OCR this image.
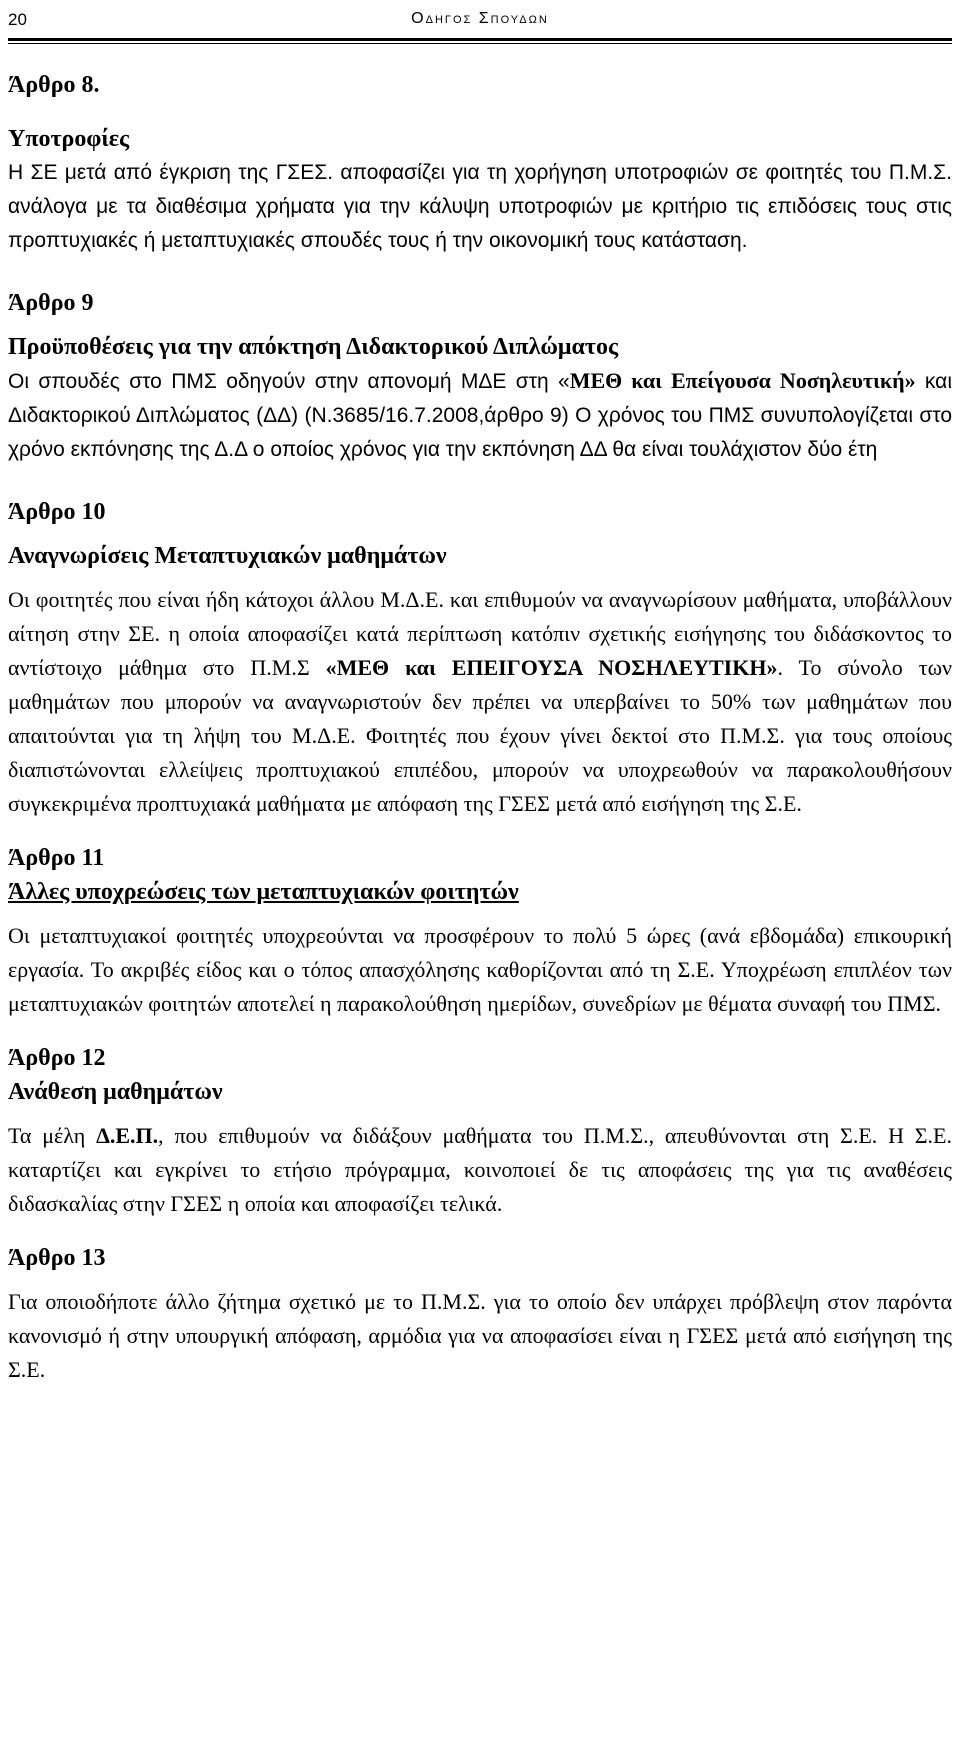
20	Οδηγος Σπουδων

Άρθρο 8.

Υποτροφίες

Η ΣΕ μετά από έγκριση της ΓΣΕΣ. αποφασίζει για τη χορήγηση υποτροφιών σε φοιτητές του Π.Μ.Σ. ανάλογα με τα διαθέσιμα χρήματα για την κάλυψη υποτροφιών με κριτήριο τις επιδόσεις τους στις προπτυχιακές ή μεταπτυχιακές σπουδές τους ή την οικονομική τους κατάσταση.

Άρθρο 9

Προϋποθέσεις για την απόκτηση Διδακτορικού Διπλώματος

Οι σπουδές στο ΠΜΣ οδηγούν στην απονομή ΜΔΕ στη «ΜΕΘ και Επείγουσα Νοσηλευτική» και Διδακτορικού Διπλώματος (ΔΔ) (Ν.3685/16.7.2008,άρθρο 9) Ο χρόνος του ΠΜΣ συνυπολογίζεται στο χρόνο εκπόνησης της Δ.Δ ο οποίος χρόνος για την εκπόνηση ΔΔ θα είναι τουλάχιστον δύο έτη

Άρθρο 10

Αναγνωρίσεις Μεταπτυχιακών μαθημάτων

Οι φοιτητές που είναι ήδη κάτοχοι άλλου Μ.Δ.Ε. και επιθυμούν να αναγνωρίσουν μαθήματα, υποβάλλουν αίτηση στην ΣΕ. η οποία αποφασίζει κατά περίπτωση κατόπιν σχετικής εισήγησης του διδάσκοντος το αντίστοιχο μάθημα στο Π.Μ.Σ «ΜΕΘ και ΕΠΕΙΓΟΥΣΑ ΝΟΣΗΛΕΥΤΙΚΗ». Το σύνολο των μαθημάτων που μπορούν να αναγνωριστούν δεν πρέπει να υπερβαίνει το 50% των μαθημάτων που απαιτούνται για τη λήψη του Μ.Δ.Ε. Φοιτητές που έχουν γίνει δεκτοί στο Π.Μ.Σ. για τους οποίους διαπιστώνονται ελλείψεις προπτυχιακού επιπέδου, μπορούν να υποχρεωθούν να παρακολουθήσουν συγκεκριμένα προπτυχιακά μαθήματα με απόφαση της ΓΣΕΣ μετά από εισήγηση της Σ.Ε.

Άρθρο 11

Άλλες υποχρεώσεις των μεταπτυχιακών φοιτητών

Οι μεταπτυχιακοί φοιτητές υποχρεούνται να προσφέρουν το πολύ 5 ώρες (ανά εβδομάδα) επικουρική εργασία. Το ακριβές είδος και ο τόπος απασχόλησης καθορίζονται από τη Σ.Ε. Υποχρέωση επιπλέον των μεταπτυχιακών φοιτητών αποτελεί η παρακολούθηση ημερίδων, συνεδρίων με θέματα συναφή του ΠΜΣ.

Άρθρο 12

Ανάθεση μαθημάτων

Τα μέλη Δ.Ε.Π., που επιθυμούν να διδάξουν μαθήματα του Π.Μ.Σ., απευθύνονται στη Σ.Ε. Η Σ.Ε. καταρτίζει και εγκρίνει το ετήσιο πρόγραμμα, κοινοποιεί δε τις αποφάσεις της για τις αναθέσεις διδασκαλίας στην ΓΣΕΣ η οποία και αποφασίζει τελικά.

Άρθρο 13

Για οποιοδήποτε άλλο ζήτημα σχετικό με το Π.Μ.Σ. για το οποίο δεν υπάρχει πρόβλεψη στον παρόντα κανονισμό ή στην υπουργική απόφαση, αρμόδια για να αποφασίσει είναι η ΓΣΕΣ μετά από εισήγηση της Σ.Ε.
